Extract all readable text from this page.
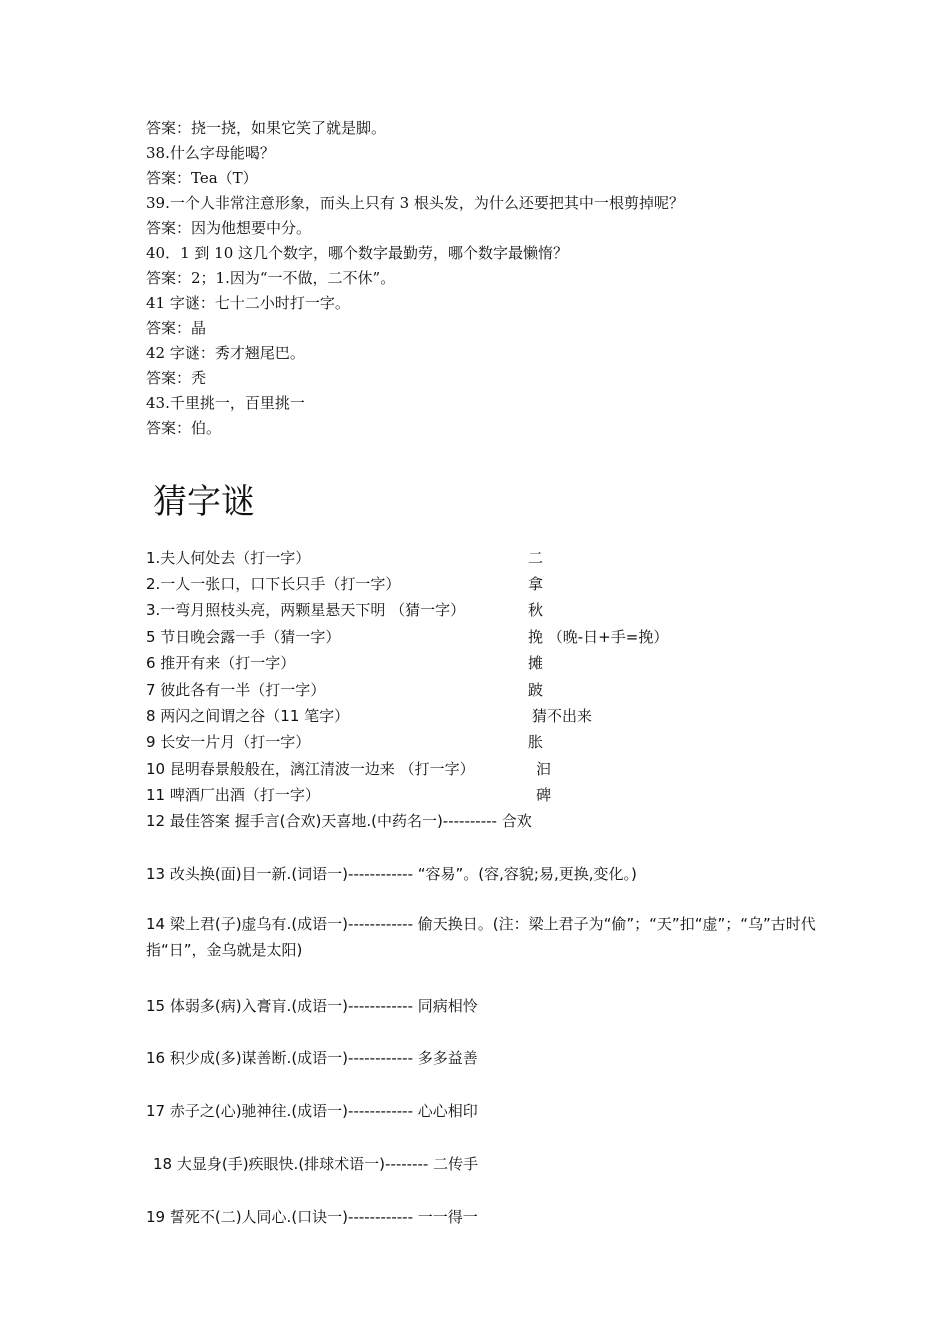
答案：挠一挠，如果它笑了就是脚。
38.什么字母能喝？
答案：Tea（T）
39.一个人非常注意形象，而头上只有 3 根头发，为什么还要把其中一根剪掉呢？
答案：因为他想要中分。
40．1 到 10 这几个数字，哪个数字最勤劳，哪个数字最懒惰？
答案：2；1.因为“一不做，二不休”。
41 字谜：七十二小时打一字。
答案：晶
42 字谜：秀才翘尾巴。
答案：秃
43.千里挑一，百里挑一
答案：伯。
猜字谜
1.夫人何处去（打一字）	二
2.一人一张口，口下长只手（打一字）	拿
3.一弯月照枝头亮，两颗星悬天下明 （猜一字）	秋
5 节日晚会露一手（猜一字）	挽 （晚-日+手=挽）
6 推开有来（打一字）	摊
7 彼此各有一半（打一字）	跛
8 两闪之间谓之谷（11 笔字）	猜不出来
9 长安一片月（打一字）	胀
10 昆明春景般般在，漓江清波一边来 （打一字）	汩
11 啤酒厂出酒（打一字）	碑
12 最佳答案 握手言(合欢)天喜地.(中药名一)---------- 合欢
13 改头换(面)目一新.(词语一)------------ “容易”。(容,容貌;易,更换,变化。)
14 梁上君(子)虚乌有.(成语一)------------ 偷天换日。(注：梁上君子为“偷”；“天”扣“虚”；“乌”古时代指“日”，金乌就是太阳)
15 体弱多(病)入膏肓.(成语一)------------ 同病相怜
16 积少成(多)谋善断.(成语一)------------ 多多益善
17 赤子之(心)驰神往.(成语一)------------ 心心相印
18 大显身(手)疾眼快.(排球术语一)-------- 二传手
19 誓死不(二)人同心.(口诀一)------------ 一一得一
